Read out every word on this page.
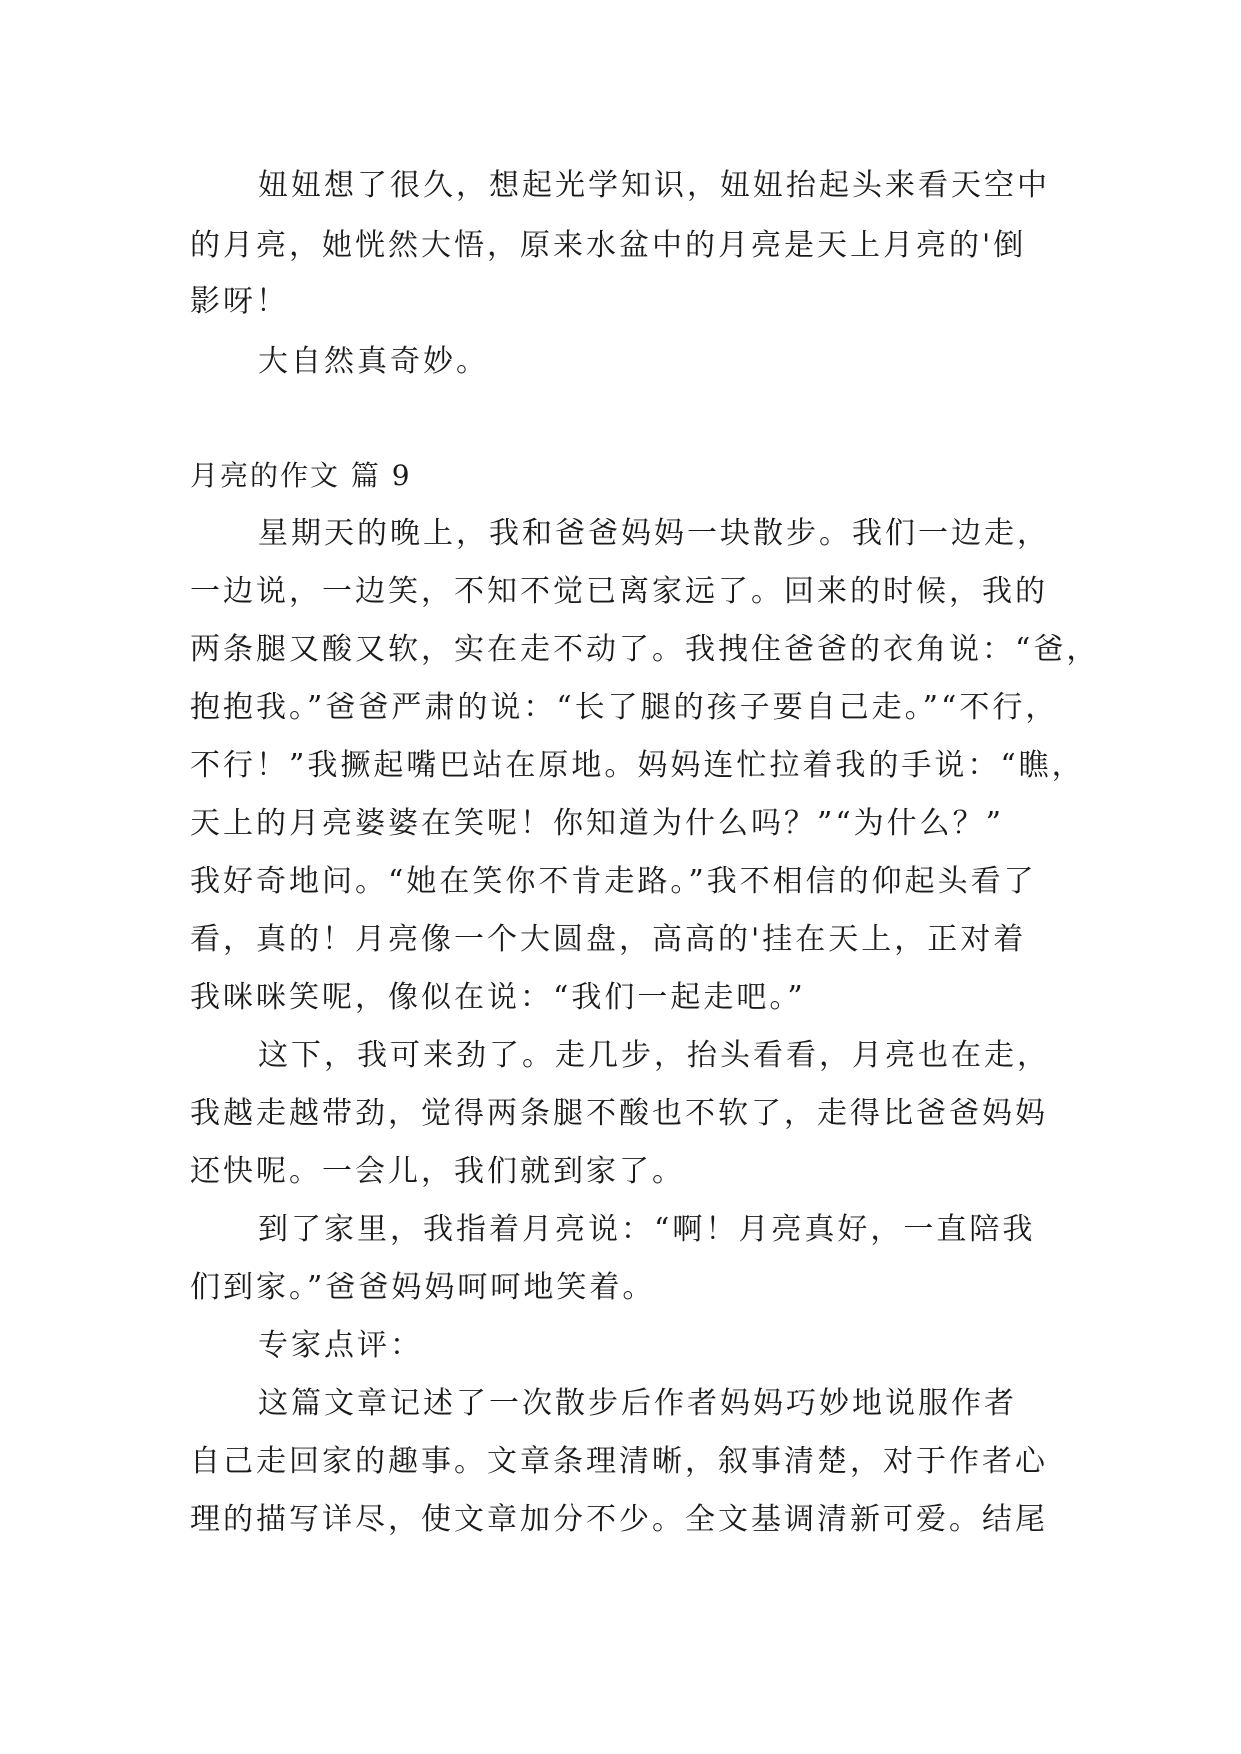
妞妞想了很久，想起光学知识，妞妞抬起头来看天空中
的月亮，她恍然大悟，原来水盆中的月亮是天上月亮的'倒
影呀！
大自然真奇妙。
月亮的作文 篇 9
星期天的晚上，我和爸爸妈妈一块散步。我们一边走，
一边说，一边笑，不知不觉已离家远了。回来的时候，我的
两条腿又酸又软，实在走不动了。我拽住爸爸的衣角说：“爸，
抱抱我。”爸爸严肃的说：“长了腿的孩子要自己走。”“不行，
不行！”我撅起嘴巴站在原地。妈妈连忙拉着我的手说：“瞧，
天上的月亮婆婆在笑呢！你知道为什么吗？”“为什么？”
我好奇地问。“她在笑你不肯走路。”我不相信的仰起头看了
看，真的！月亮像一个大圆盘，高高的'挂在天上，正对着
我咪咪笑呢，像似在说：“我们一起走吧。”
这下，我可来劲了。走几步，抬头看看，月亮也在走，
我越走越带劲，觉得两条腿不酸也不软了，走得比爸爸妈妈
还快呢。一会儿，我们就到家了。
到了家里，我指着月亮说：“啊！月亮真好，一直陪我
们到家。”爸爸妈妈呵呵地笑着。
专家点评：
这篇文章记述了一次散步后作者妈妈巧妙地说服作者
自己走回家的趣事。文章条理清晰，叙事清楚，对于作者心
理的描写详尽，使文章加分不少。全文基调清新可爱。结尾
